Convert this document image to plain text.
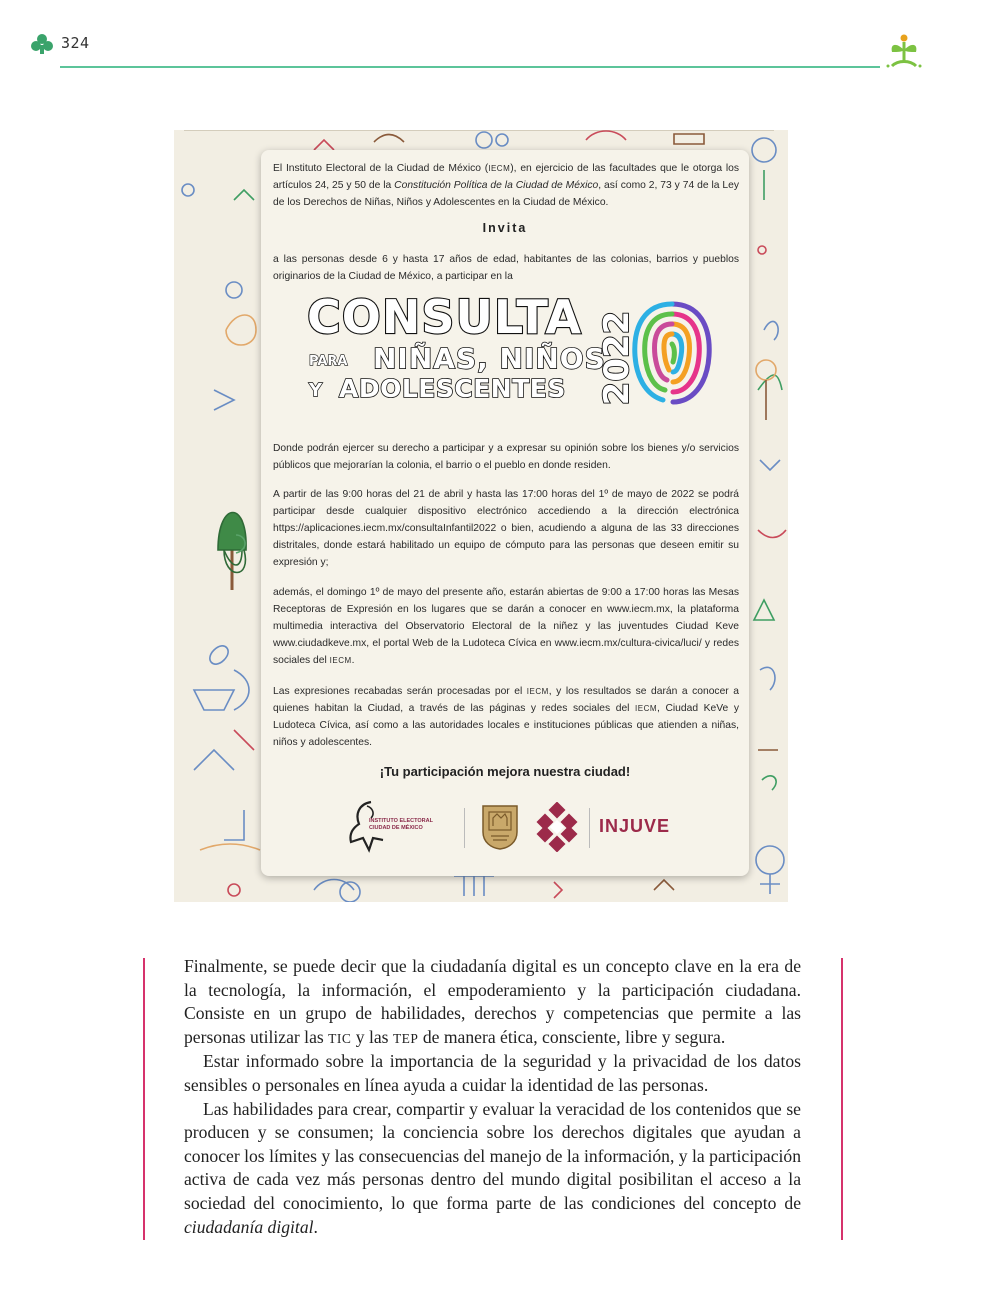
324

El Instituto Electoral de la Ciudad de México (IECM), en ejercicio de las facultades que le otorga los artículos 24, 25 y 50 de la Constitución Política de la Ciudad de México, así como 2, 73 y 74 de la Ley de los Derechos de Niñas, Niños y Adolescentes en la Ciudad de México.

Invita

a las personas desde 6 y hasta 17 años de edad, habitantes de las colonias, barrios y pueblos originarios de la Ciudad de México, a participar en la

CONSULTA
PARA NIÑAS, NIÑOS
Y ADOLESCENTES 2022

Donde podrán ejercer su derecho a participar y a expresar su opinión sobre los bienes y/o servicios públicos que mejorarían la colonia, el barrio o el pueblo en donde residen.

A partir de las 9:00 horas del 21 de abril y hasta las 17:00 horas del 1º de mayo de 2022 se podrá participar desde cualquier dispositivo electrónico accediendo a la dirección electrónica https://aplicaciones.iecm.mx/consultaInfantil2022 o bien, acudiendo a alguna de las 33 direcciones distritales, donde estará habilitado un equipo de cómputo para las personas que deseen emitir su expresión y;

además, el domingo 1º de mayo del presente año, estarán abiertas de 9:00 a 17:00 horas las Mesas Receptoras de Expresión en los lugares que se darán a conocer en www.iecm.mx, la plataforma multimedia interactiva del Observatorio Electoral de la niñez y las juventudes Ciudad Keve www.ciudadkeve.mx, el portal Web de la Ludoteca Cívica en www.iecm.mx/cultura-civica/luci/ y redes sociales del IECM.

Las expresiones recabadas serán procesadas por el IECM, y los resultados se darán a conocer a quienes habitan la Ciudad, a través de las páginas y redes sociales del IECM, Ciudad KeVe y Ludoteca Cívica, así como a las autoridades locales e instituciones públicas que atienden a niñas, niños y adolescentes.

¡Tu participación mejora nuestra ciudad!
INSTITUTO ELECTORAL
CIUDAD DE MÉXICO	INJUVE

Finalmente, se puede decir que la ciudadanía digital es un concepto clave en la era de la tecnología, la información, el empoderamiento y la participación ciudadana. Consiste en un grupo de habilidades, derechos y competencias que permite a las personas utilizar las TIC y las TEP de manera ética, consciente, libre y segura.

Estar informado sobre la importancia de la seguridad y la privacidad de los datos sensibles o personales en línea ayuda a cuidar la identidad de las personas.

Las habilidades para crear, compartir y evaluar la veracidad de los contenidos que se producen y se consumen; la conciencia sobre los derechos digitales que ayudan a conocer los límites y las consecuencias del manejo de la información, y la participación activa de cada vez más personas dentro del mundo digital posibilitan el acceso a la sociedad del conocimiento, lo que forma parte de las condiciones del concepto de ciudadanía digital.
